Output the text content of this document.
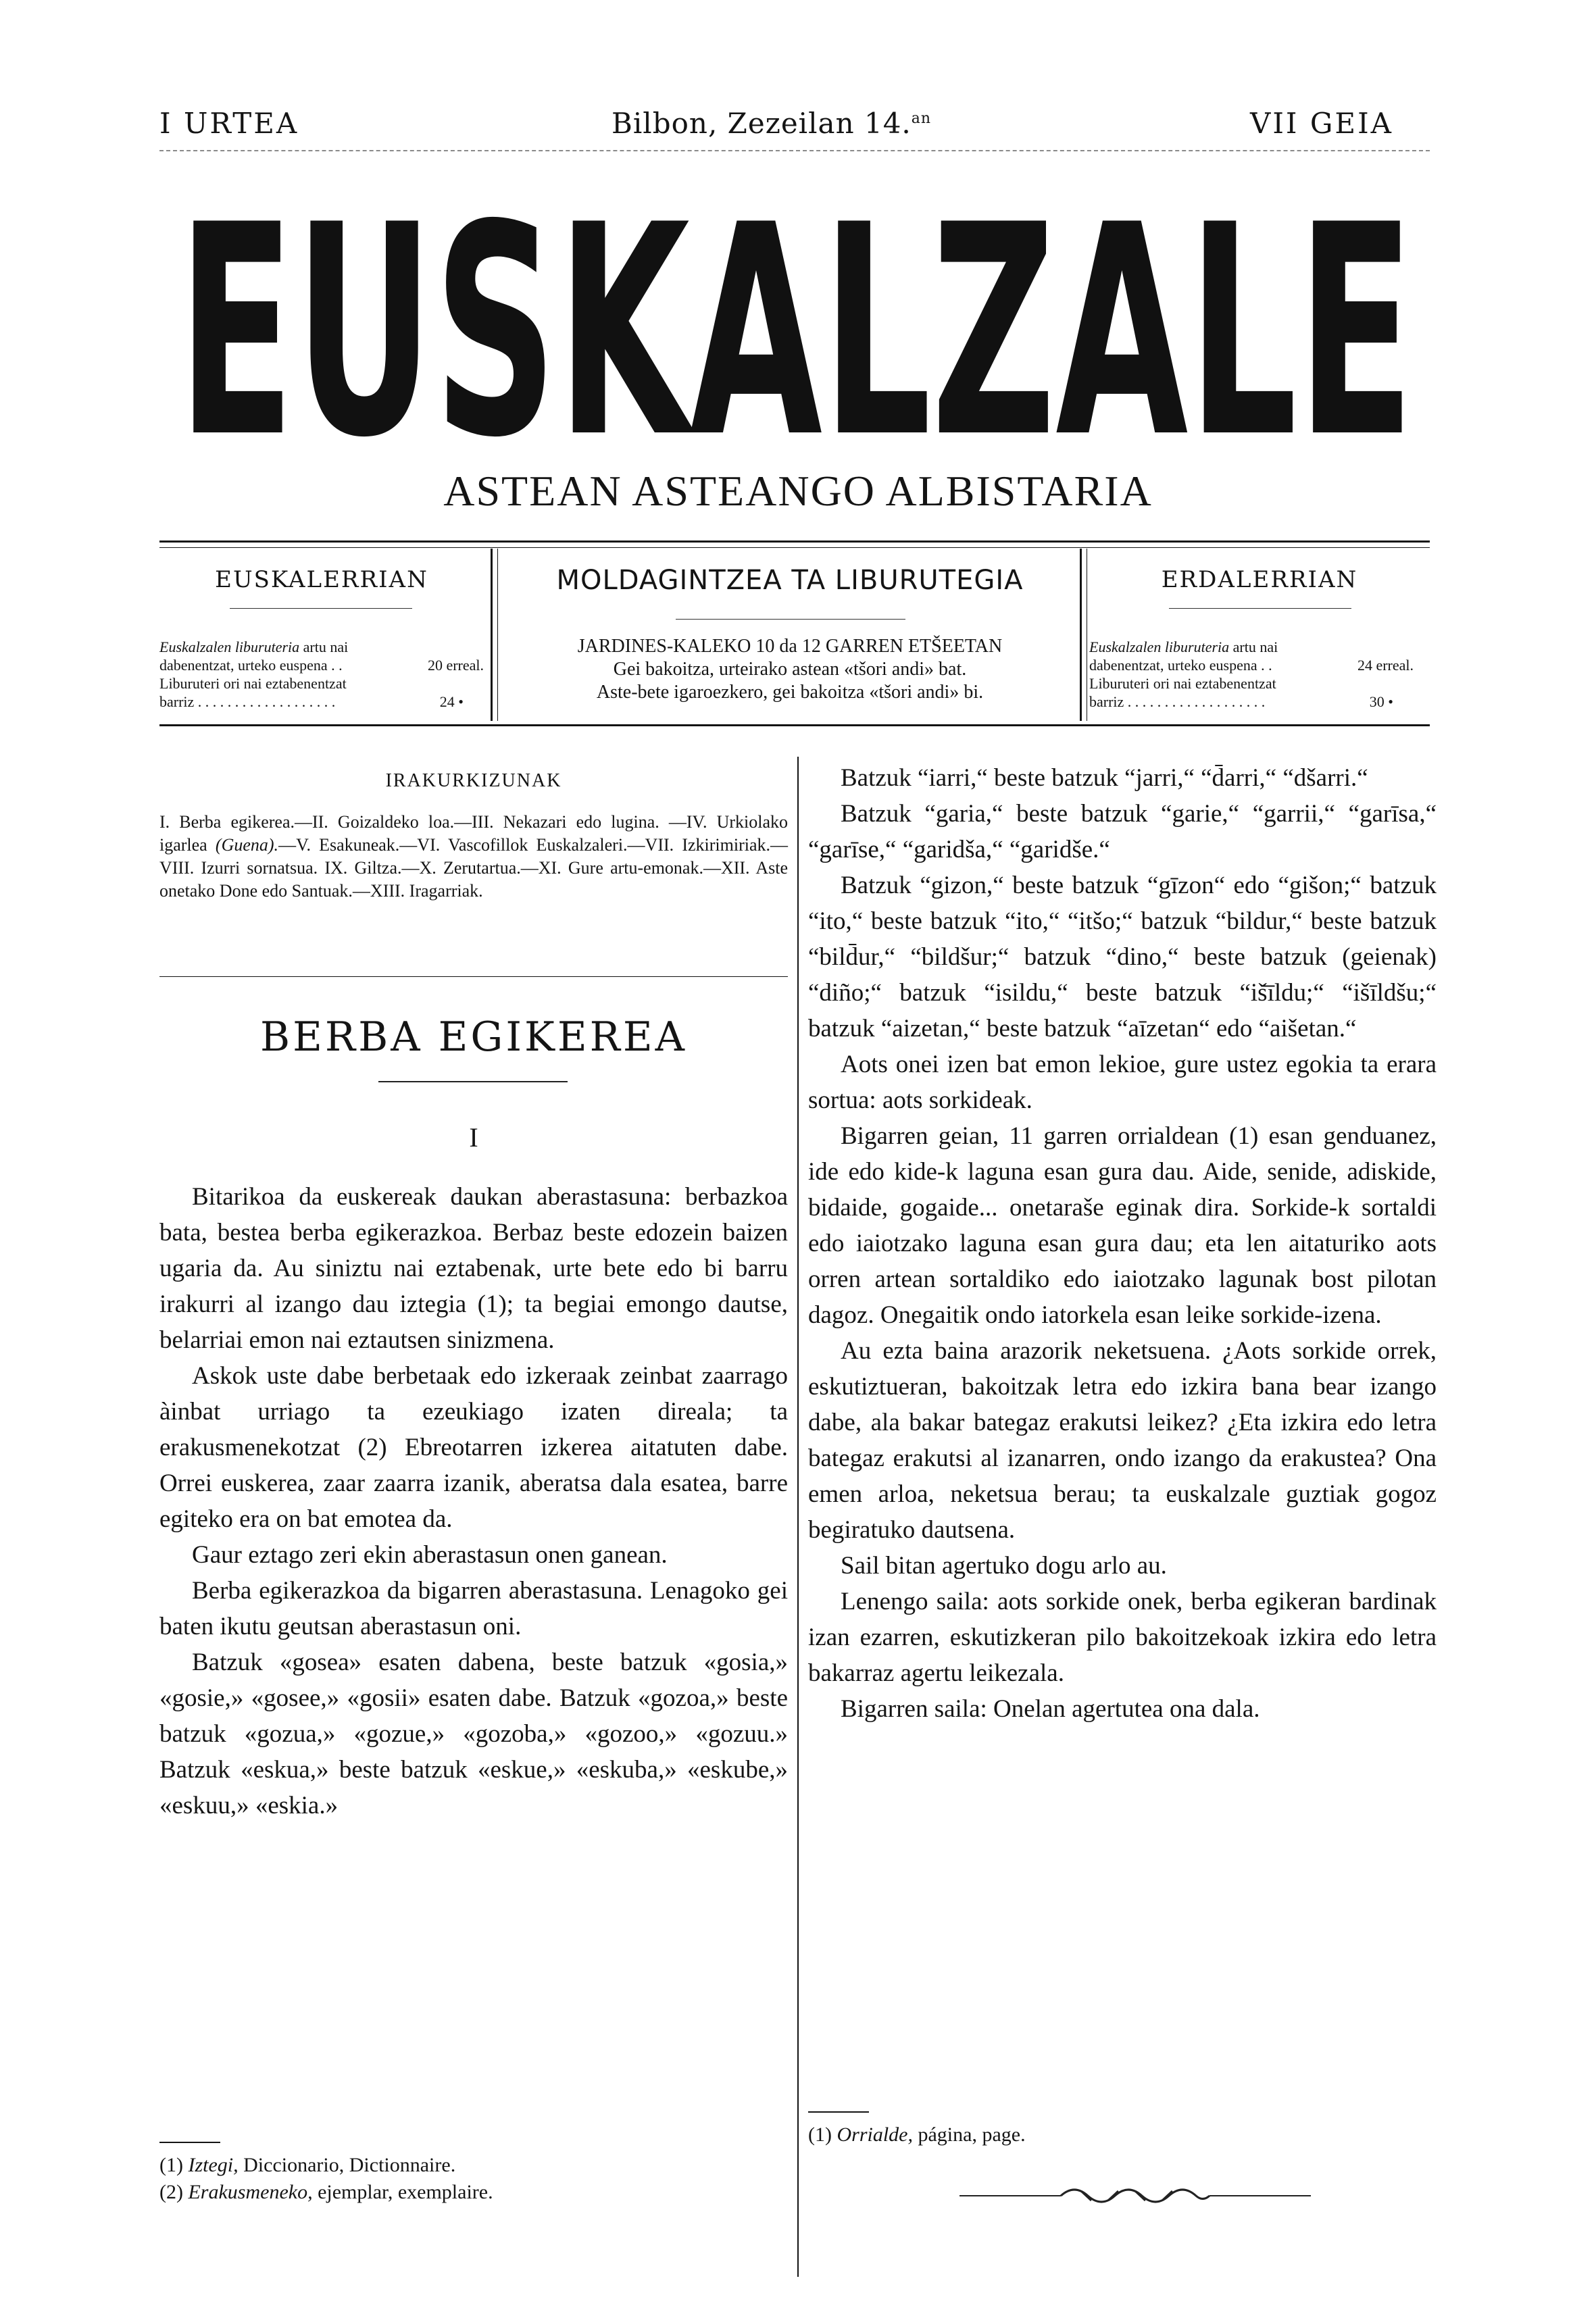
I URTEA	Bilbon, Zezeilan 14.$^{an}$	VII GEIA
EUSKALZALE
ASTEAN ASTEANGO ALBISTARIA
EUSKALERRIAN
Euskalzalen liburuteria artu nai
dabenentzat, urteko euspena . .	20 erreal.
Liburuteri ori nai eztabenentzat
barriz . . . . . . . . . . . . . . . . . . .	24 •
MOLDAGINTZEA TA LIBURUTEGIA
JARDINES-KALEKO 10 da 12 GARREN ETŠEETAN
Gei bakoitza, urteirako astean «tšori andi» bat.
Aste-bete igaroezkero, gei bakoitza «tšori andi» bi.
ERDALERRIAN
Euskalzalen liburuteria artu nai
dabenentzat, urteko euspena . .	24 erreal.
Liburuteri ori nai eztabenentzat
barriz . . . . . . . . . . . . . . . . . . .	30 •
IRAKURKIZUNAK
I. Berba egikerea.—II. Goizaldeko loa.—III. Nekazari edo lugina. —IV. Urkiolako igarlea (Guena).—V. Esakuneak.—VI. Vascofillok Euskalzaleri.—VII. Izkirimiriak.—VIII. Izurri sornatsua. IX. Giltza.—X. Zerutartua.—XI. Gure artu-emonak.—XII. Aste onetako Done edo Santuak.—XIII. Iragarriak.
BERBA EGIKEREA
I

Bitarikoa da euskereak daukan aberastasuna: berbazkoa bata, bestea berba egikerazkoa. Berbaz beste edozein baizen ugaria da. Au siniztu nai eztabenak, urte bete edo bi barru irakurri al izango dau iztegia (1); ta begiai emongo dautse, belarriai emon nai eztautsen sinizmena.

Askok uste dabe berbetaak edo izkeraak zeinbat zaarrago àinbat urriago ta ezeukiago izaten direala; ta erakusmenekotzat (2) Ebreotarren izkerea aitatuten dabe. Orrei euskerea, zaar zaarra izanik, aberatsa dala esatea, barre egiteko era on bat emotea da.

Gaur eztago zeri ekin aberastasun onen ganean.

Berba egikerazkoa da bigarren aberastasuna. Lenagoko gei baten ikutu geutsan aberastasun oni.

Batzuk «gosea» esaten dabena, beste batzuk «gosia,» «gosie,» «gosee,» «gosii» esaten dabe. Batzuk «gozoa,» beste batzuk «gozua,» «gozue,» «gozoba,» «gozoo,» «gozuu.» Batzuk «eskua,» beste batzuk «eskue,» «eskuba,» «eskube,» «eskuu,» «eskia.»

(1) Iztegi, Diccionario, Dictionnaire.
(2) Erakusmeneko, ejemplar, exemplaire.

Batzuk “iarri,“ beste batzuk “jarri,“ “d̄arri,“ “dšarri.“

Batzuk “garia,“ beste batzuk “garie,“ “garrii,“ “garīsa,“ “garīse,“ “garidša,“ “garidše.“

Batzuk “gizon,“ beste batzuk “gīzon“ edo “gišon;“ batzuk “ito,“ beste batzuk “ito,“ “itšo;“ batzuk “bildur,“ beste batzuk “bild̄ur,“ “bildšur;“ batzuk “dino,“ beste batzuk (geienak) “diño;“ batzuk “isildu,“ beste batzuk “iš̄īldu;“ “išīldšu;“ batzuk “aizetan,“ beste batzuk “aīzetan“ edo “aišetan.“

Aots onei izen bat emon lekioe, gure ustez egokia ta erara sortua: aots sorkideak.

Bigarren geian, 11 garren orrialdean (1) esan genduanez, ide edo kide-k laguna esan gura dau. Aide, senide, adiskide, bidaide, gogaide... onetaraše eginak dira. Sorkide-k sortaldi edo iaiotzako laguna esan gura dau; eta len aitaturiko aots orren artean sortaldiko edo iaiotzako lagunak bost pilotan dagoz. Onegaitik ondo iatorkela esan leike sorkide-izena.

Au ezta baina arazorik neketsuena. ¿Aots sorkide orrek, eskutiztueran, bakoitzak letra edo izkira bana bear izango dabe, ala bakar bategaz erakutsi leikez? ¿Eta izkira edo letra bategaz erakutsi al izanarren, ondo izango da erakustea? Ona emen arloa, neketsua berau; ta euskalzale guztiak gogoz begiratuko dautsena.

Sail bitan agertuko dogu arlo au.

Lenengo saila: aots sorkide onek, berba egikeran bardinak izan ezarren, eskutizkeran pilo bakoitzekoak izkira edo letra bakarraz agertu leikezala.

Bigarren saila: Onelan agertutea ona dala.

(1) Orrialde, página, page.
